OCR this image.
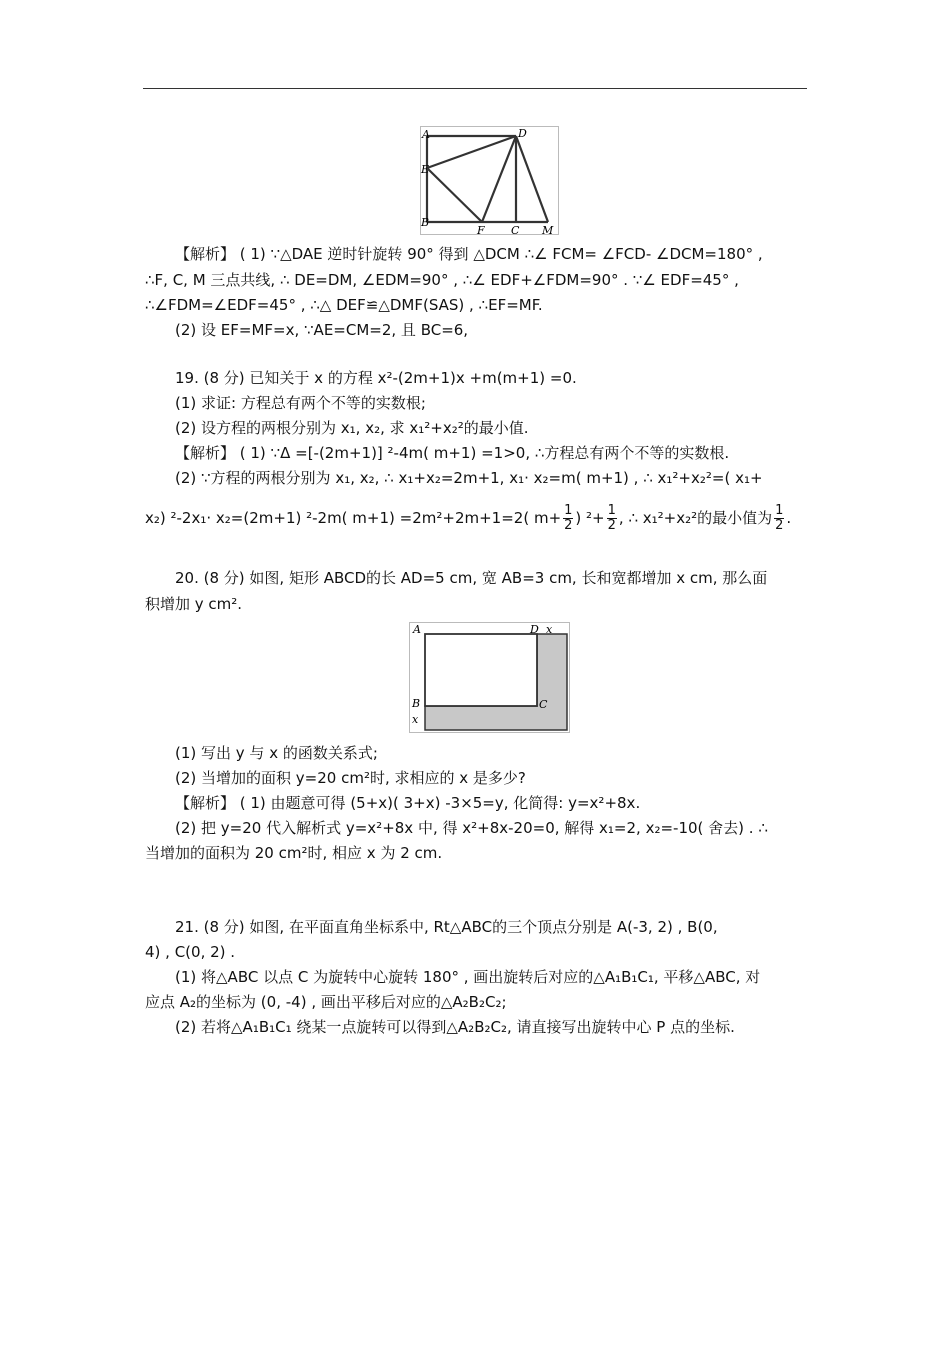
A	D
E
B
F C M
【解析】 ( 1) ∵△DAE 逆时针旋转 90° 得到 △DCM ∴∠ FCM= ∠FCD- ∠DCM=180° ,
∴F, C, M 三点共线, ∴ DE=DM, ∠EDM=90° , ∴∠ EDF+∠FDM=90° . ∵∠ EDF=45° ,
∴∠FDM=∠EDF=45° , ∴△ DEF≌△DMF(SAS) , ∴EF=MF.
(2) 设 EF=MF=x, ∵AE=CM=2, 且 BC=6,
19. (8 分) 已知关于 x 的方程 x²-(2m+1)x +m(m+1) =0.
(1) 求证: 方程总有两个不等的实数根;
(2) 设方程的两根分别为 x₁, x₂, 求 x₁²+x₂²的最小值.
【解析】 ( 1) ∵Δ =[-(2m+1)] ²-4m( m+1) =1>0, ∴方程总有两个不等的实数根.
(2) ∵方程的两根分别为 x₁, x₂, ∴ x₁+x₂=2m+1, x₁· x₂=m( m+1) , ∴ x₁²+x₂²=( x₁+
x₂) ²-2x₁· x₂=(2m+1) ²-2m( m+1) =2m²+2m+1=2( $m+ \frac{1}{2}$ ) $^2+ \frac{1}{2}$ , ∴ x₁²+x₂²的最小值为 $\frac{1}{2}$ .
20. (8 分) 如图, 矩形 ABCD的长 AD=5 cm, 宽 AB=3 cm, 长和宽都增加 x cm, 那么面
积增加 y cm².
A	D x
B	C
x
(1) 写出 y 与 x 的函数关系式;
(2) 当增加的面积 y=20 cm²时, 求相应的 x 是多少?
【解析】 ( 1) 由题意可得 (5+x)( 3+x) -3×5=y, 化简得: y=x²+8x.
(2) 把 y=20 代入解析式 y=x²+8x 中, 得 x²+8x-20=0, 解得 x₁=2, x₂=-10( 舍去) . ∴
当增加的面积为 20 cm²时, 相应 x 为 2 cm.
21. (8 分) 如图, 在平面直角坐标系中, Rt△ABC的三个顶点分别是 A(-3, 2) , B(0,
4) , C(0, 2) .
(1) 将△ABC 以点 C 为旋转中心旋转 180° , 画出旋转后对应的△A₁B₁C₁, 平移△ABC, 对
应点 A₂的坐标为 (0, -4) , 画出平移后对应的△A₂B₂C₂;
(2) 若将△A₁B₁C₁ 绕某一点旋转可以得到△A₂B₂C₂, 请直接写出旋转中心 P 点的坐标.
